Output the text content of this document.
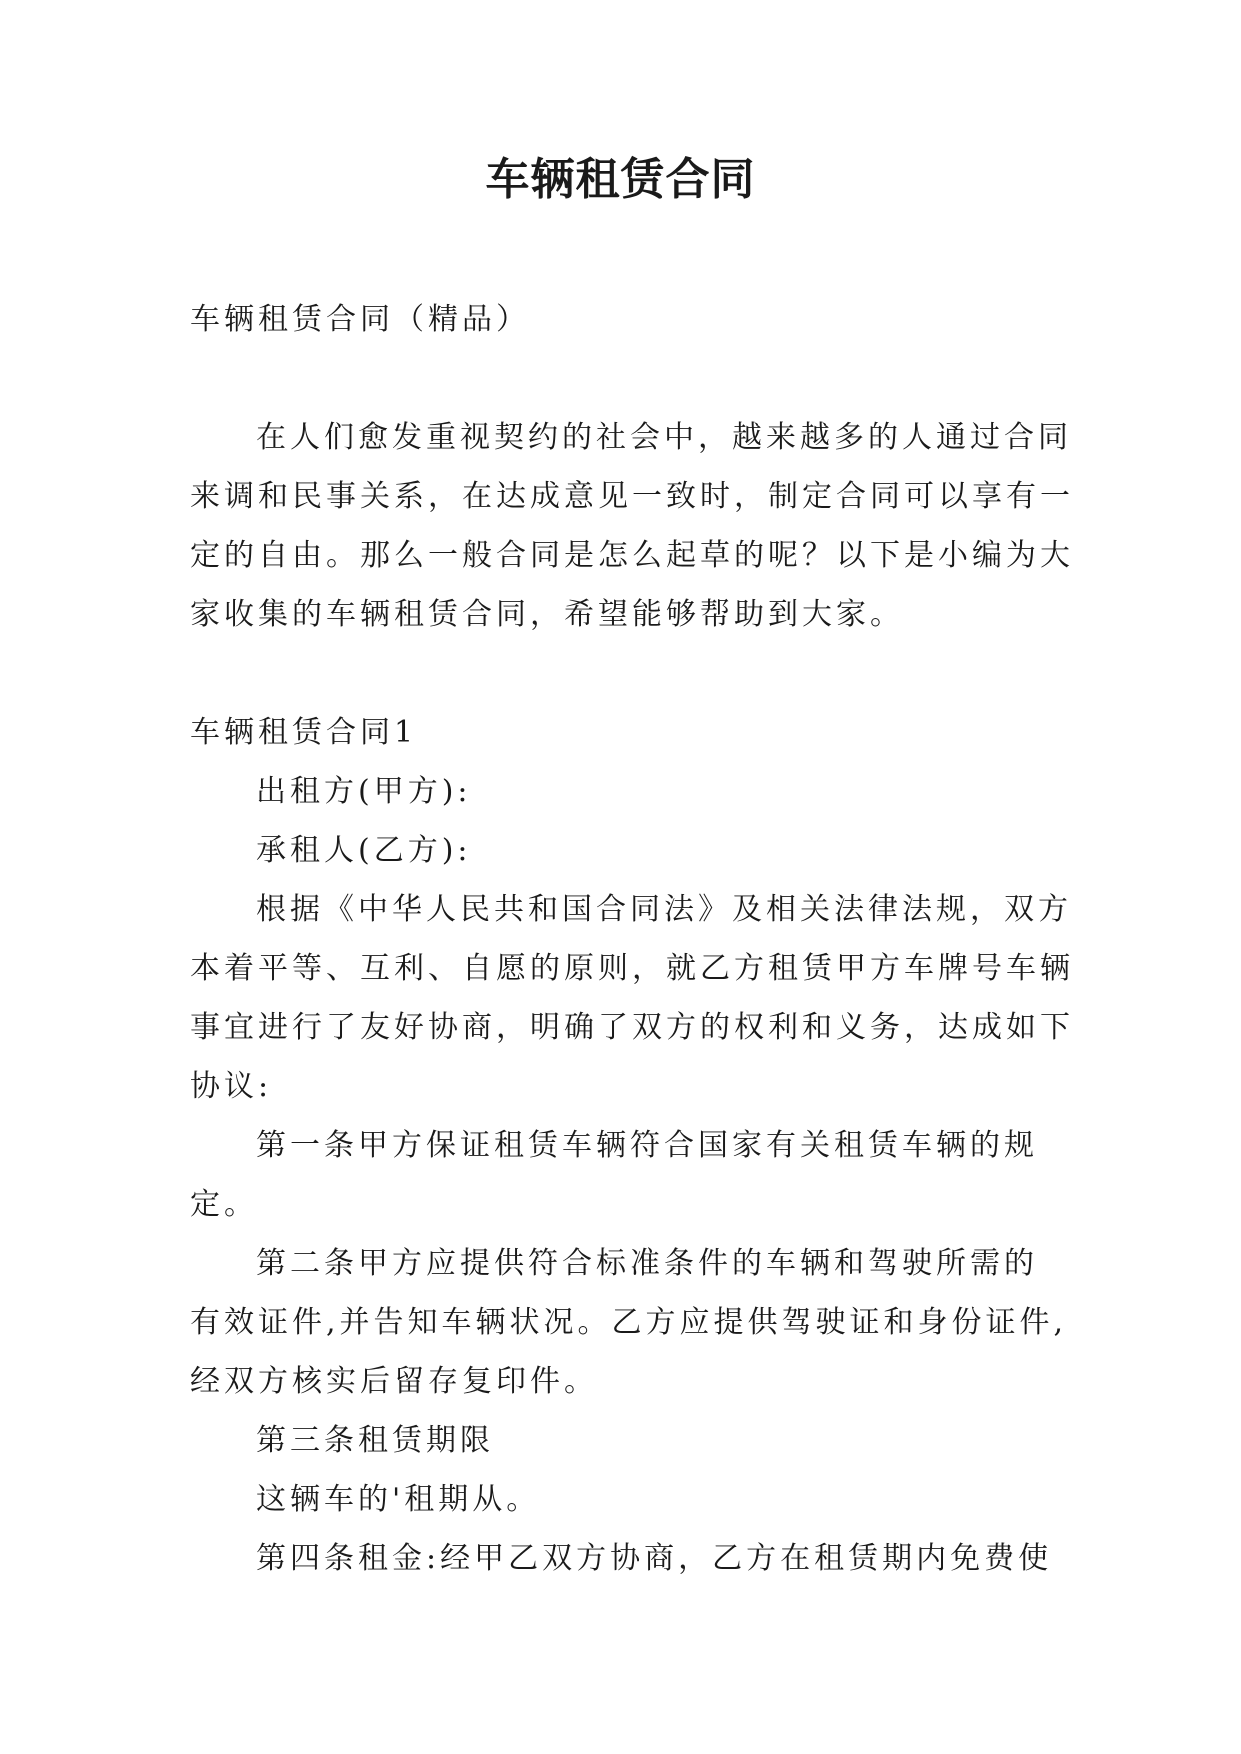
车辆租赁合同

车辆租赁合同（精品）

在人们愈发重视契约的社会中，越来越多的人通过合同

来调和民事关系，在达成意见一致时，制定合同可以享有一

定的自由。那么一般合同是怎么起草的呢？以下是小编为大

家收集的车辆租赁合同，希望能够帮助到大家。

车辆租赁合同1

出租方(甲方):

承租人(乙方):

根据《中华人民共和国合同法》及相关法律法规，双方

本着平等、互利、自愿的原则，就乙方租赁甲方车牌号车辆

事宜进行了友好协商，明确了双方的权利和义务，达成如下

协议:

第一条甲方保证租赁车辆符合国家有关租赁车辆的规

定。

第二条甲方应提供符合标准条件的车辆和驾驶所需的

有效证件,并告知车辆状况。乙方应提供驾驶证和身份证件,

经双方核实后留存复印件。

第三条租赁期限

这辆车的'租期从。

第四条租金:经甲乙双方协商，乙方在租赁期内免费使
